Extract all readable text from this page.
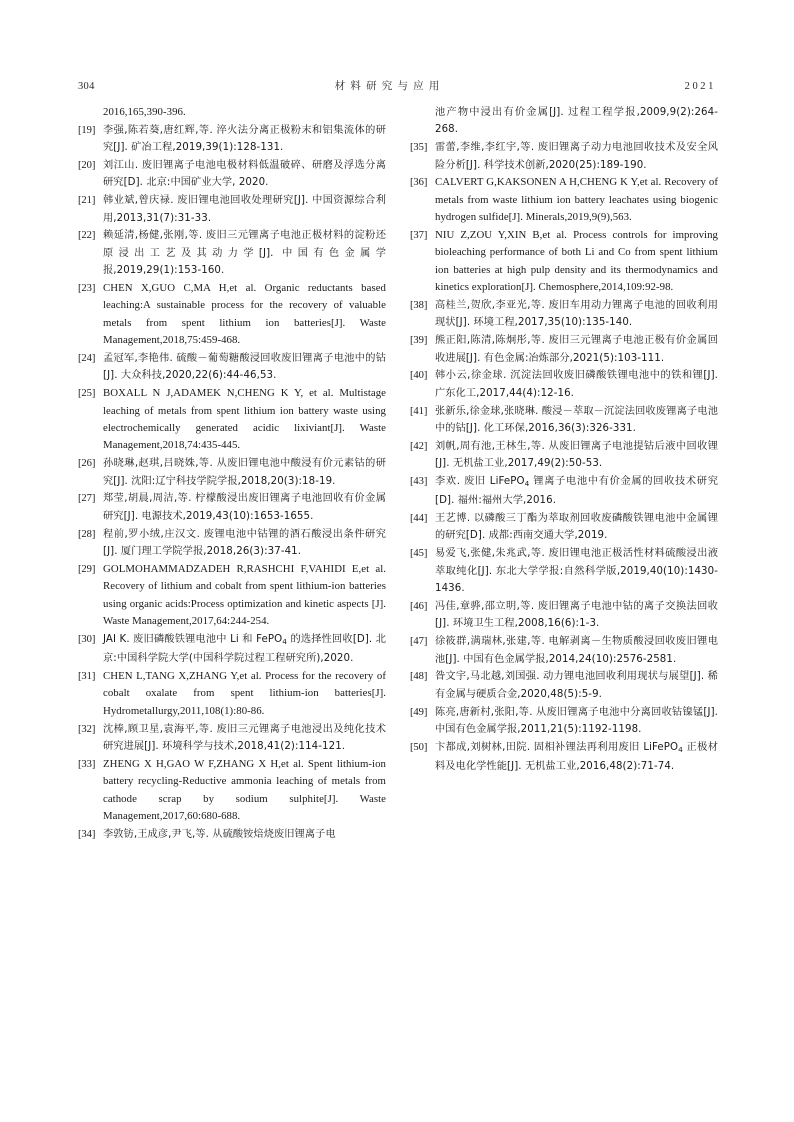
304	材料研究与应用	2021
2016,165,390-396.
[19] 李强,陈若葵,唐红辉,等. 淬火法分离正极粉末和铝集流体的研究[J]. 矿冶工程,2019,39(1):128-131.
[20] 刘江山. 废旧锂离子电池电极材料低温破碎、研磨及浮选分离研究[D]. 北京:中国矿业大学, 2020.
[21] 韩业斌,曾庆禄. 废旧锂电池回收处理研究[J]. 中国资源综合利用,2013,31(7):31-33.
[22] 赖延清,杨健,张刚,等. 废旧三元锂离子电池正极材料的淀粉还原浸出工艺及其动力学[J]. 中国有色金属学报,2019,29(1):153-160.
[23] CHEN X,GUO C,MA H,et al. Organic reductants based leaching:A sustainable process for the recovery of valuable metals from spent lithium ion batteries[J]. Waste Management,2018,75:459-468.
[24] 孟冠军,李艳伟. 硫酸－葡萄糖酸浸回收废旧锂离子电池中的钴[J]. 大众科技,2020,22(6):44-46,53.
[25] BOXALL N J,ADAMEK N,CHENG K Y, et al. Multistage leaching of metals from spent lithium ion battery waste using electrochemically generated acidic lixiviant[J]. Waste Management,2018,74:435-445.
[26] 孙晓琳,赵琪,吕晓姝,等. 从废旧锂电池中酸浸有价元素钴的研究[J]. 沈阳:辽宁科技学院学报,2018,20(3):18-19.
[27] 郑莹,胡晨,周洁,等. 柠檬酸浸出废旧锂离子电池回收有价金属研究[J]. 电源技术,2019,43(10):1653-1655.
[28] 程前,罗小绒,庄汉文. 废锂电池中钴锂的酒石酸浸出条件研究[J]. 厦门理工学院学报,2018,26(3):37-41.
[29] GOLMOHAMMADZADEH R,RASHCHI F,VAHIDI E,et al. Recovery of lithium and cobalt from spent lithium-ion batteries using organic acids:Process optimization and kinetic aspects [J]. Waste Management,2017,64:244-254.
[30] JAI K. 废旧磷酸铁锂电池中 Li 和 FePO$_4$ 的选择性回收[D]. 北京:中国科学院大学(中国科学院过程工程研究所),2020.
[31] CHEN L,TANG X,ZHANG Y,et al. Process for the recovery of cobalt oxalate from spent lithium-ion batteries[J]. Hydrometallurgy,2011,108(1):80-86.
[32] 沈棒,顾卫星,袁海平,等. 废旧三元锂离子电池浸出及纯化技术研究进展[J]. 环境科学与技术,2018,41(2):114-121.
[33] ZHENG X H,GAO W F,ZHANG X H,et al. Spent lithium-ion battery recycling-Reductive ammonia leaching of metals from cathode scrap by sodium sulphite[J]. Waste Management,2017,60:680-688.
[34] 李敦钫,王成彦,尹飞,等. 从硫酸铵焙烧废旧锂离子电
池产物中浸出有价金属[J]. 过程工程学报,2009,9(2):264-268.
[35] 雷蕾,李维,李红宇,等. 废旧锂离子动力电池回收技术及安全风险分析[J]. 科学技术创新,2020(25):189-190.
[36] CALVERT G,KAKSONEN A H,CHENG K Y,et al. Recovery of metals from waste lithium ion battery leachates using biogenic hydrogen sulfide[J]. Minerals,2019,9(9),563.
[37] NIU Z,ZOU Y,XIN B,et al. Process controls for improving bioleaching performance of both Li and Co from spent lithium ion batteries at high pulp density and its thermodynamics and kinetics exploration[J]. Chemosphere,2014,109:92-98.
[38] 高桂兰,贺欣,李亚光,等. 废旧车用动力锂离子电池的回收利用现状[J]. 环境工程,2017,35(10):135-140.
[39] 熊正阳,陈清,陈炯彤,等. 废旧三元锂离子电池正极有价金属回收进展[J]. 有色金属:冶炼部分,2021(5):103-111.
[40] 韩小云,徐金球. 沉淀法回收废旧磷酸铁锂电池中的铁和锂[J]. 广东化工,2017,44(4):12-16.
[41] 张新乐,徐金球,张晓琳. 酸浸－萃取－沉淀法回收废锂离子电池中的钴[J]. 化工环保,2016,36(3):326-331.
[42] 刘帆,周有池,王林生,等. 从废旧锂离子电池提钴后液中回收锂[J]. 无机盐工业,2017,49(2):50-53.
[43] 李欢. 废旧 LiFePO$_4$ 锂离子电池中有价金属的回收技术研究[D]. 福州:福州大学,2016.
[44] 王艺博. 以磷酸三丁酯为萃取剂回收废磷酸铁锂电池中金属锂的研究[D]. 成都:西南交通大学,2019.
[45] 易爱飞,张健,朱兆武,等. 废旧锂电池正极活性材料硫酸浸出液萃取纯化[J]. 东北大学学报:自然科学版,2019,40(10):1430-1436.
[46] 冯佳,章骅,邵立明,等. 废旧锂离子电池中钴的离子交换法回收[J]. 环境卫生工程,2008,16(6):1-3.
[47] 徐筱群,满瑞林,张建,等. 电解剥离－生物质酸浸回收废旧锂电池[J]. 中国有色金属学报,2014,24(10):2576-2581.
[48] 昝文宇,马北越,刘国强. 动力锂电池回收利用现状与展望[J]. 稀有金属与硬质合金,2020,48(5):5-9.
[49] 陈亮,唐新村,张阳,等. 从废旧锂离子电池中分离回收钴镍锰[J]. 中国有色金属学报,2011,21(5):1192-1198.
[50] 卞都成,刘树林,田院. 固相补锂法再利用废旧 LiFePO$_4$ 正极材料及电化学性能[J]. 无机盐工业,2016,48(2):71-74.
